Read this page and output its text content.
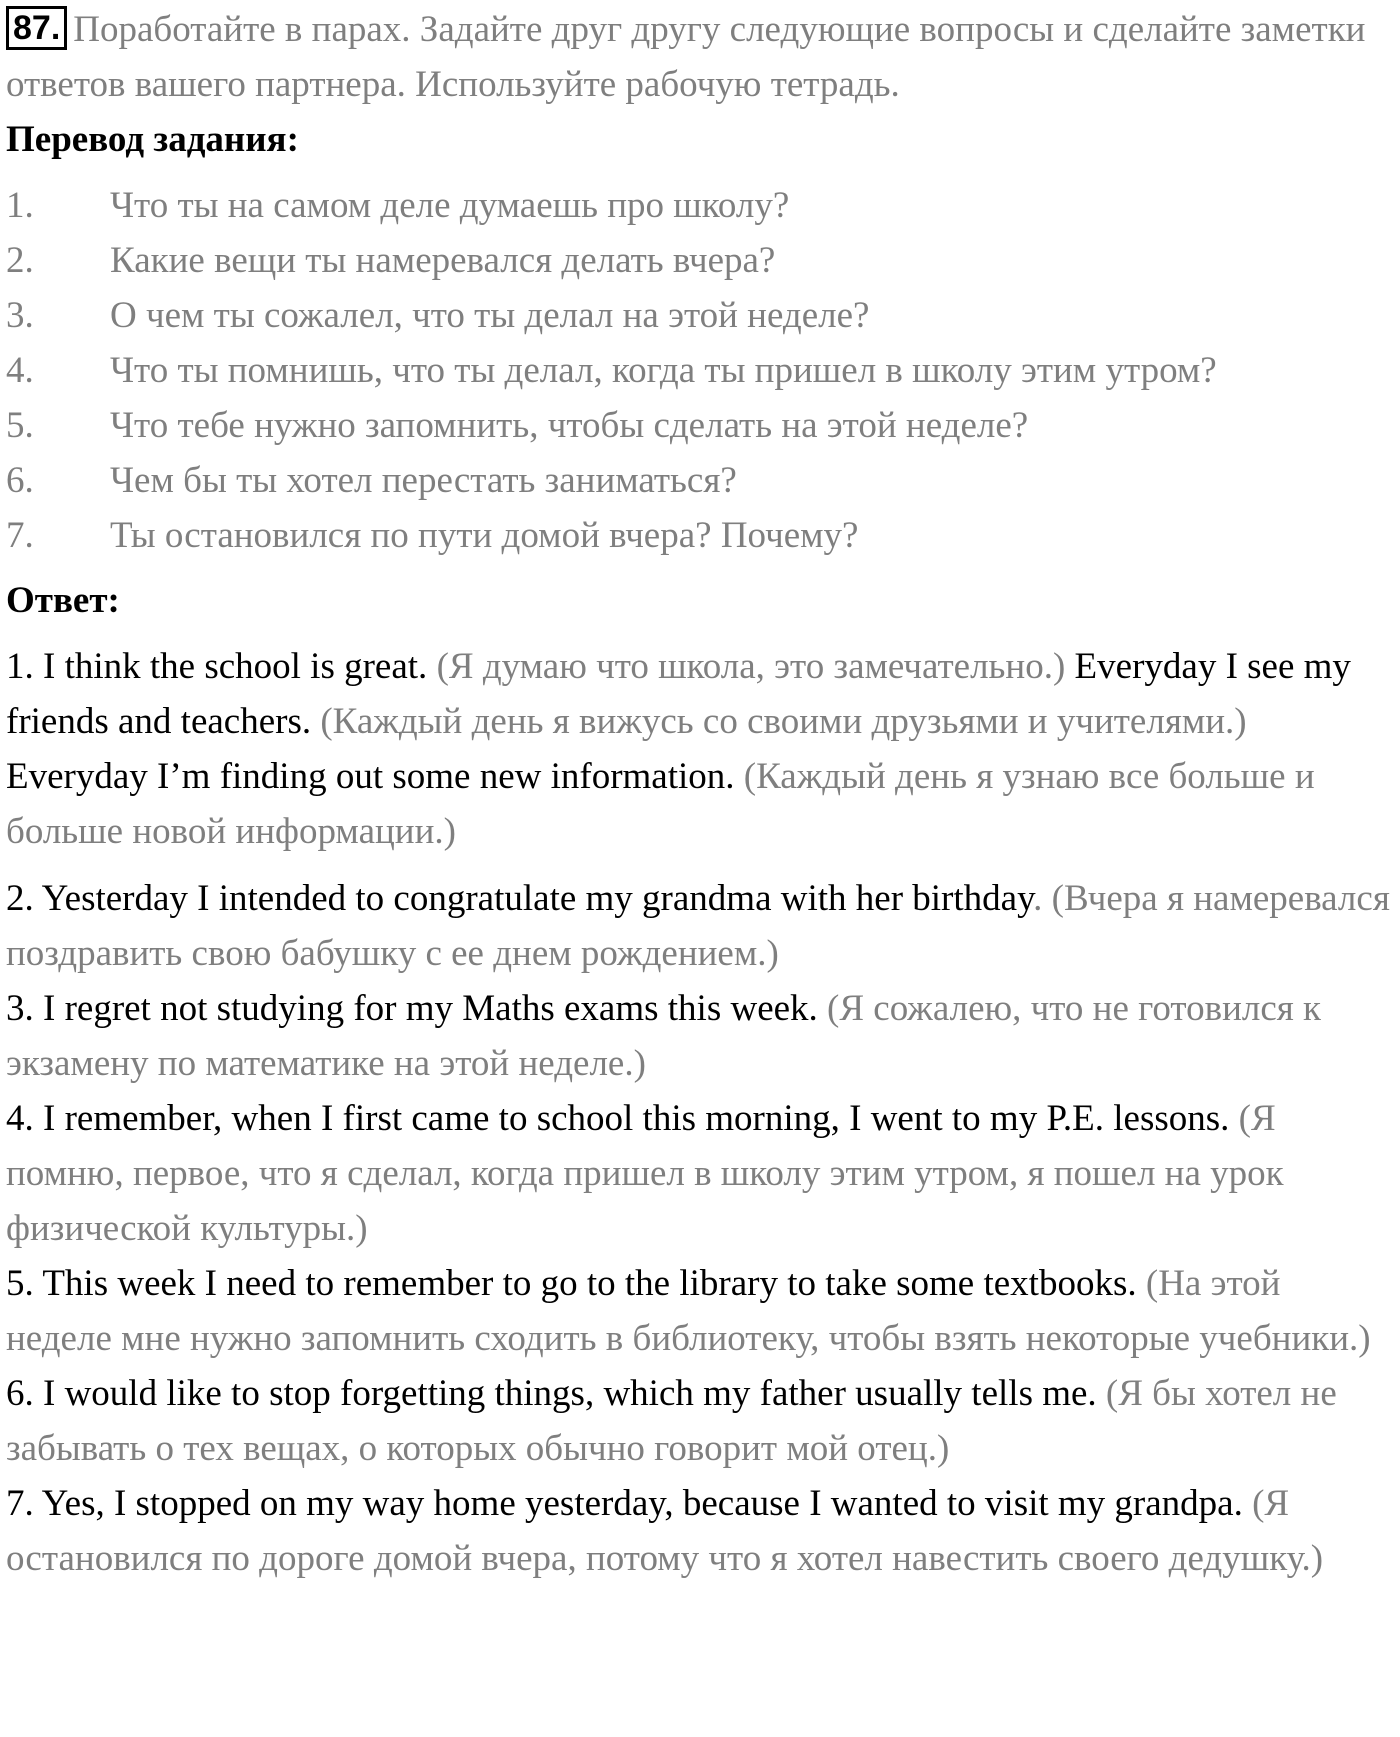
87. Поработайте в парах. Задайте друг другу следующие вопросы и сделайте заметки ответов вашего партнера. Используйте рабочую тетрадь.

Перевод задания:

1.	Что ты на самом деле думаешь про школу?
2.	Какие вещи ты намеревался делать вчера?
3.	О чем ты сожалел, что ты делал на этой неделе?
4.	Что ты помнишь, что ты делал, когда ты пришел в школу этим утром?
5.	Что тебе нужно запомнить, чтобы сделать на этой неделе?
6.	Чем бы ты хотел перестать заниматься?
7.	Ты остановился по пути домой вчера? Почему?

Ответ:

1. I think the school is great. (Я думаю что школа, это замечательно.) Everyday I see my friends and teachers. (Каждый день я вижусь со своими друзьями и учителями.) Everyday I’m finding out some new information. (Каждый день я узнаю все больше и больше новой информации.)
2. Yesterday I intended to congratulate my grandma with her birthday. (Вчера я намеревался поздравить свою бабушку с ее днем рождением.)
3. I regret not studying for my Maths exams this week. (Я сожалею, что не готовился к экзамену по математике на этой неделе.)
4. I remember, when I first came to school this morning, I went to my P.E. lessons. (Я помню, первое, что я сделал, когда пришел в школу этим утром, я пошел на урок физической культуры.)
5. This week I need to remember to go to the library to take some textbooks. (На этой неделе мне нужно запомнить сходить в библиотеку, чтобы взять некоторые учебники.)
6. I would like to stop forgetting things, which my father usually tells me. (Я бы хотел не забывать о тех вещах, о которых обычно говорит мой отец.)
7. Yes, I stopped on my way home yesterday, because I wanted to visit my grandpa. (Я остановился по дороге домой вчера, потому что я хотел навестить своего дедушку.)
